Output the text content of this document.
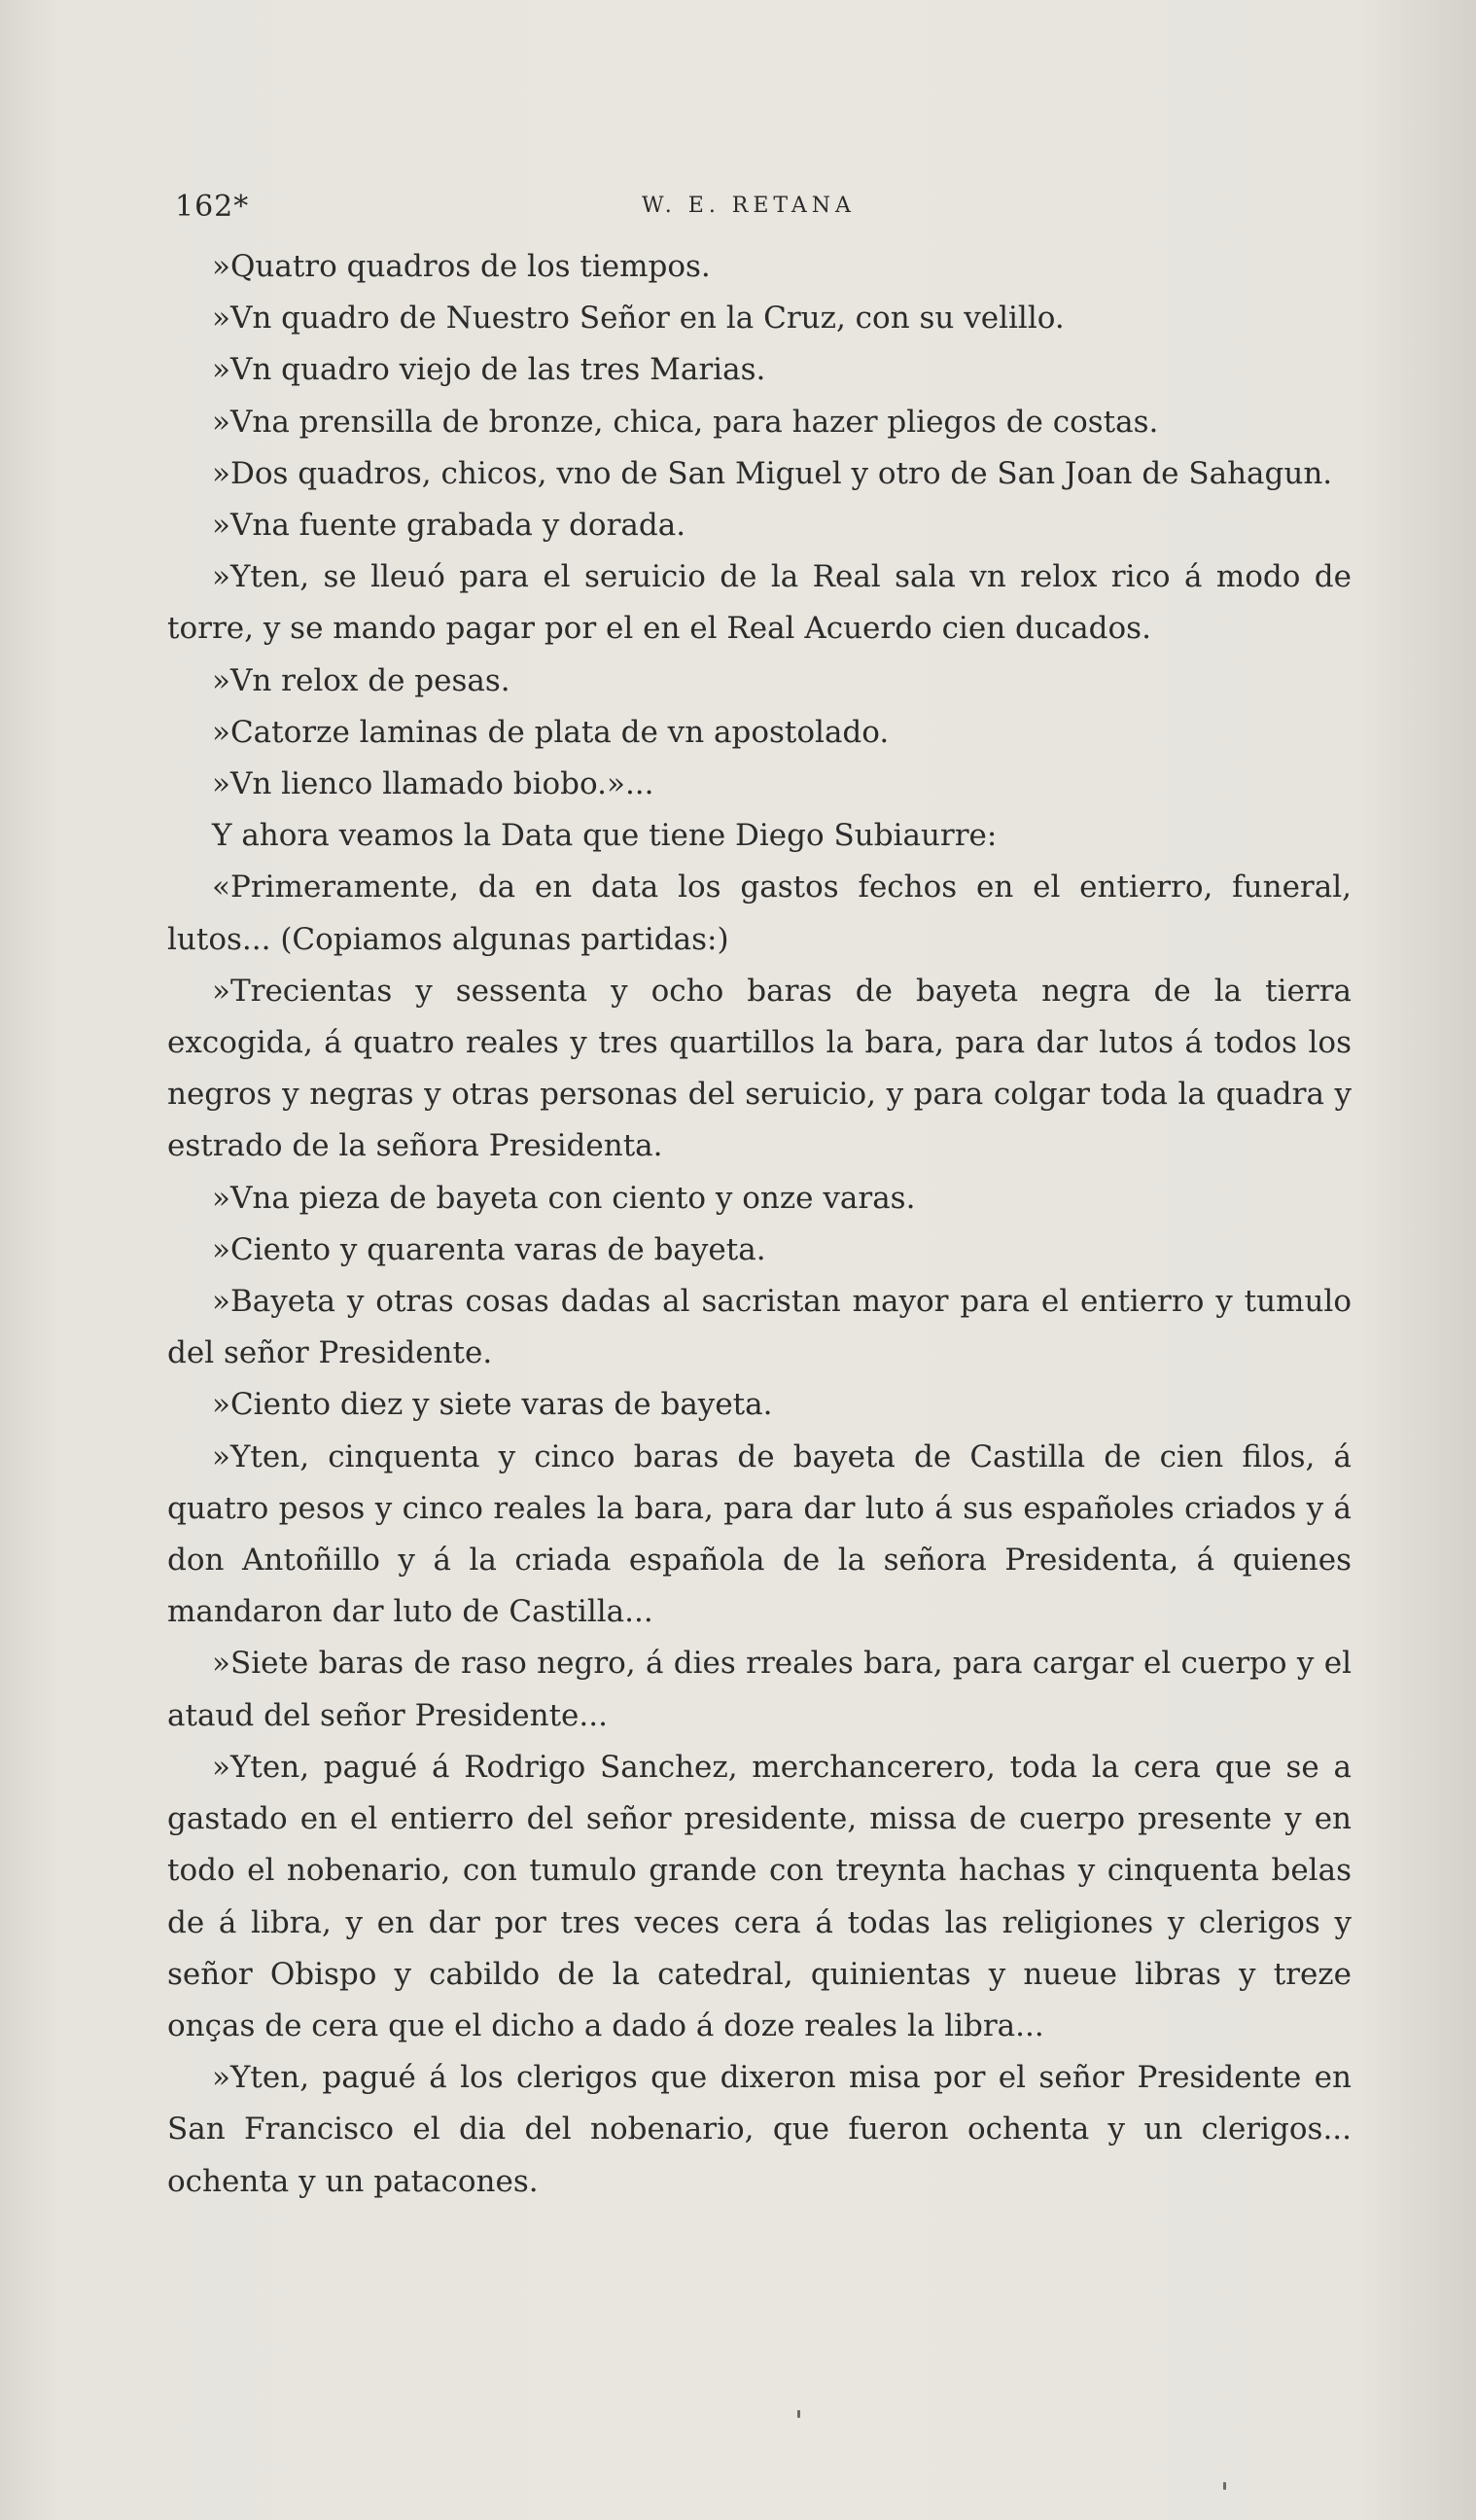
162*	W. E. RETANA

»Quatro quadros de los tiempos.

»Vn quadro de Nuestro Señor en la Cruz, con su velillo.

»Vn quadro viejo de las tres Marias.

»Vna prensilla de bronze, chica, para hazer pliegos de costas.

»Dos quadros, chicos, vno de San Miguel y otro de San Joan de Sahagun.

»Vna fuente grabada y dorada.

»Yten, se lleuó para el seruicio de la Real sala vn relox rico á modo de torre, y se mando pagar por el en el Real Acuerdo cien ducados.

»Vn relox de pesas.

»Catorze laminas de plata de vn apostolado.

»Vn lienco llamado biobo.»...

Y ahora veamos la Data que tiene Diego Subiaurre:

«Primeramente, da en data los gastos fechos en el entierro, funeral, lutos... (Copiamos algunas partidas:)

»Trecientas y sessenta y ocho baras de bayeta negra de la tierra excogida, á quatro reales y tres quartillos la bara, para dar lutos á todos los negros y negras y otras personas del seruicio, y para colgar toda la quadra y estrado de la señora Presidenta.

»Vna pieza de bayeta con ciento y onze varas.

»Ciento y quarenta varas de bayeta.

»Bayeta y otras cosas dadas al sacristan mayor para el entierro y tumulo del señor Presidente.

»Ciento diez y siete varas de bayeta.

»Yten, cinquenta y cinco baras de bayeta de Castilla de cien filos, á quatro pesos y cinco reales la bara, para dar luto á sus españoles criados y á don Antoñillo y á la criada española de la señora Presidenta, á quienes mandaron dar luto de Castilla...

»Siete baras de raso negro, á dies rreales bara, para cargar el cuerpo y el ataud del señor Presidente...

»Yten, pagué á Rodrigo Sanchez, merchancerero, toda la cera que se a gastado en el entierro del señor presidente, missa de cuerpo presente y en todo el nobenario, con tumulo grande con treynta hachas y cinquenta belas de á libra, y en dar por tres veces cera á todas las religiones y clerigos y señor Obispo y cabildo de la catedral, quinientas y nueue libras y treze onças de cera que el dicho a dado á doze reales la libra...

»Yten, pagué á los clerigos que dixeron misa por el señor Presidente en San Francisco el dia del nobenario, que fueron ochenta y un clerigos... ochenta y un patacones.
